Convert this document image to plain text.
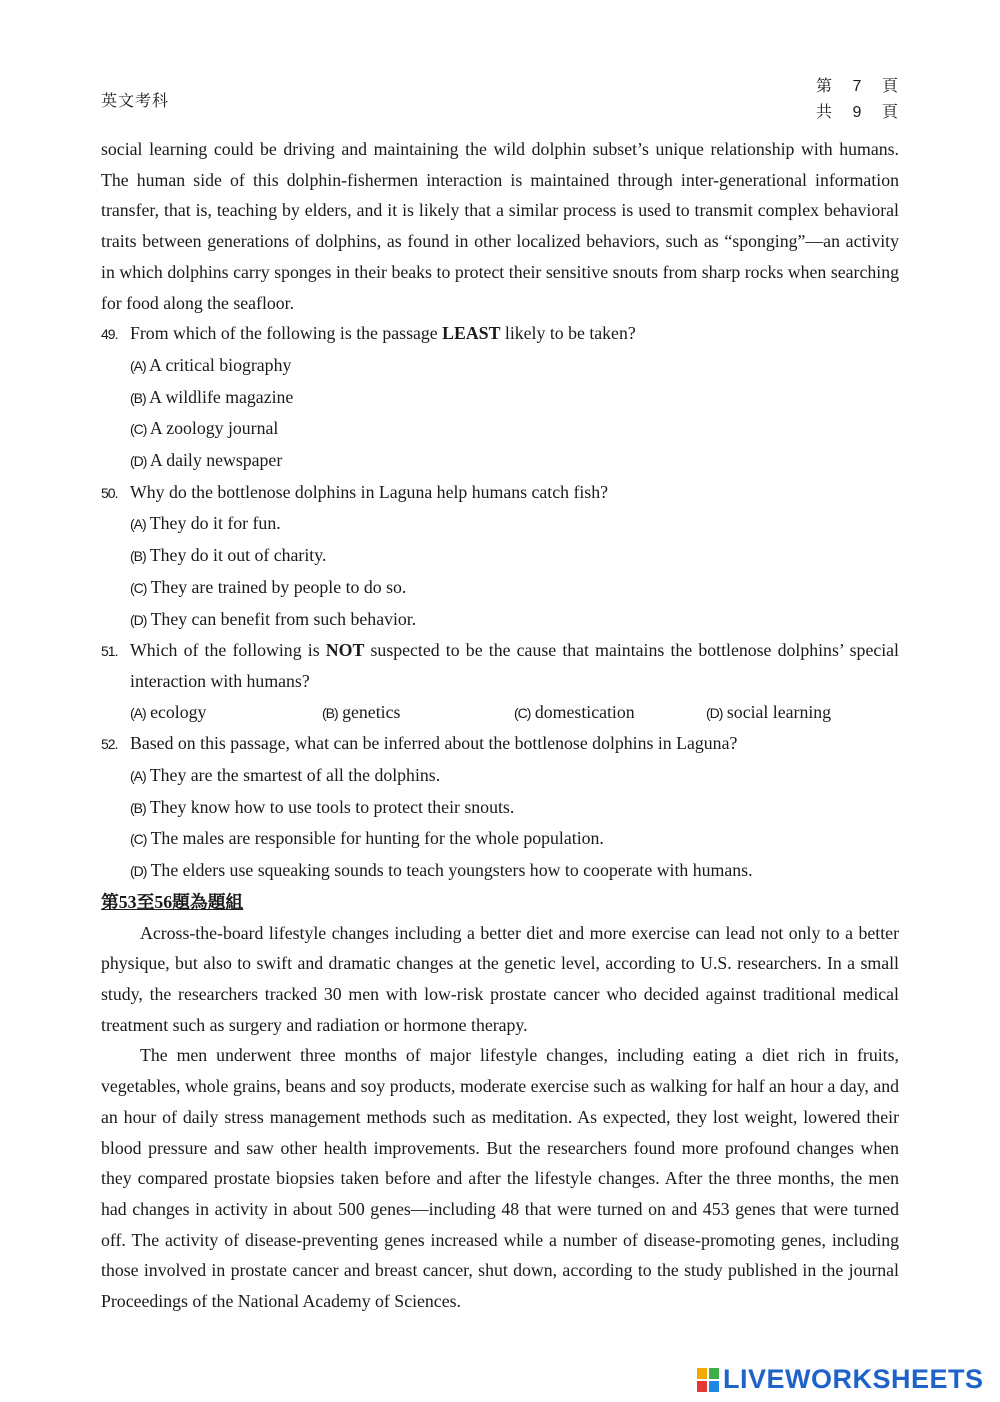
英文考科
第 7 頁
共 9 頁

social learning could be driving and maintaining the wild dolphin subset’s unique relationship with humans. The human side of this dolphin-fishermen interaction is maintained through inter-generational information transfer, that is, teaching by elders, and it is likely that a similar process is used to transmit complex behavioral traits between generations of dolphins, as found in other localized behaviors, such as “sponging”—an activity in which dolphins carry sponges in their beaks to protect their sensitive snouts from sharp rocks when searching for food along the seafloor.

49. From which of the following is the passage LEAST likely to be taken?
(A) A critical biography
(B) A wildlife magazine
(C) A zoology journal
(D) A daily newspaper
50. Why do the bottlenose dolphins in Laguna help humans catch fish?
(A) They do it for fun.
(B) They do it out of charity.
(C) They are trained by people to do so.
(D) They can benefit from such behavior.
51. Which of the following is NOT suspected to be the cause that maintains the bottlenose dolphins’ special interaction with humans?
(A) ecology	(B) genetics	(C) domestication	(D) social learning
52. Based on this passage, what can be inferred about the bottlenose dolphins in Laguna?
(A) They are the smartest of all the dolphins.
(B) They know how to use tools to protect their snouts.
(C) The males are responsible for hunting for the whole population.
(D) The elders use squeaking sounds to teach youngsters how to cooperate with humans.
第53至56題為題組

Across-the-board lifestyle changes including a better diet and more exercise can lead not only to a better physique, but also to swift and dramatic changes at the genetic level, according to U.S. researchers. In a small study, the researchers tracked 30 men with low-risk prostate cancer who decided against traditional medical treatment such as surgery and radiation or hormone therapy.

The men underwent three months of major lifestyle changes, including eating a diet rich in fruits, vegetables, whole grains, beans and soy products, moderate exercise such as walking for half an hour a day, and an hour of daily stress management methods such as meditation. As expected, they lost weight, lowered their blood pressure and saw other health improvements. But the researchers found more profound changes when they compared prostate biopsies taken before and after the lifestyle changes. After the three months, the men had changes in activity in about 500 genes—including 48 that were turned on and 453 genes that were turned off. The activity of disease-preventing genes increased while a number of disease-promoting genes, including those involved in prostate cancer and breast cancer, shut down, according to the study published in the journal Proceedings of the National Academy of Sciences.

LIVEWORKSHEETS
